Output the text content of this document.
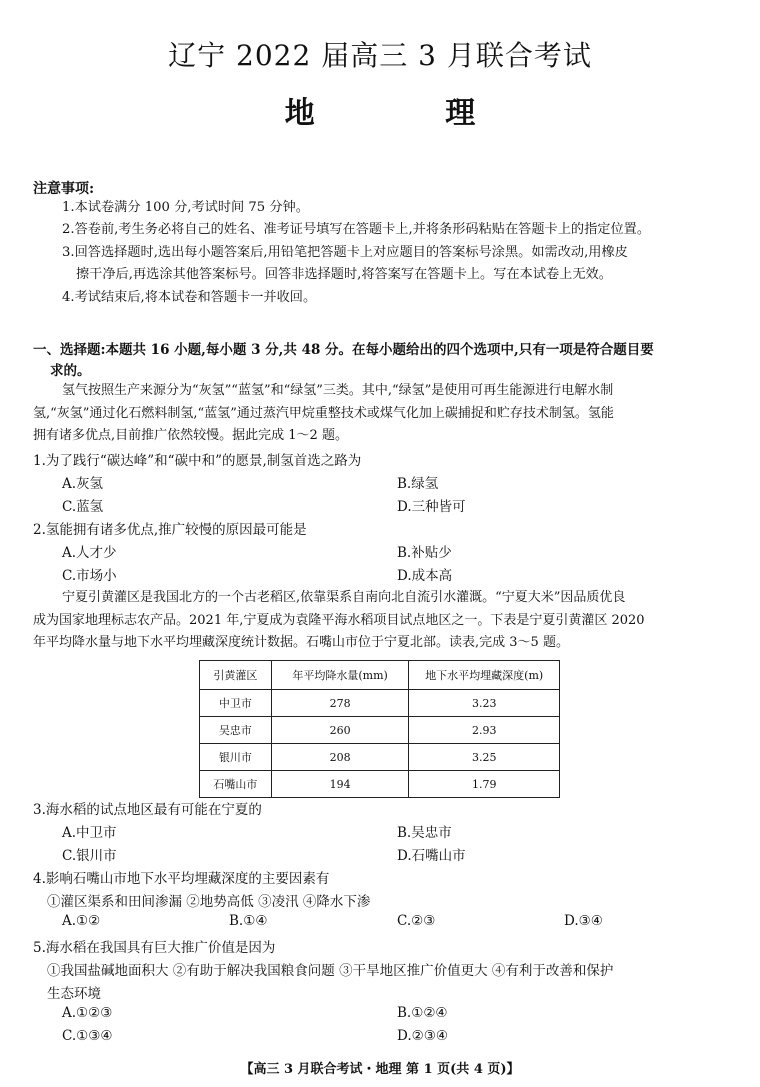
辽宁 2022 届高三 3 月联合考试
地 理
注意事项:
1.本试卷满分 100 分,考试时间 75 分钟。
2.答卷前,考生务必将自己的姓名、准考证号填写在答题卡上,并将条形码粘贴在答题卡上的指定位置。
3.回答选择题时,选出每小题答案后,用铅笔把答题卡上对应题目的答案标号涂黑。如需改动,用橡皮
擦干净后,再选涂其他答案标号。回答非选择题时,将答案写在答题卡上。写在本试卷上无效。
4.考试结束后,将本试卷和答题卡一并收回。
一、选择题:本题共 16 小题,每小题 3 分,共 48 分。在每小题给出的四个选项中,只有一项是符合题目要
求的。
氢气按照生产来源分为“灰氢”“蓝氢”和“绿氢”三类。其中,“绿氢”是使用可再生能源进行电解水制
氢,“灰氢”通过化石燃料制氢,“蓝氢”通过蒸汽甲烷重整技术或煤气化加上碳捕捉和贮存技术制氢。氢能
拥有诸多优点,目前推广依然较慢。据此完成 1～2 题。
1.为了践行“碳达峰”和“碳中和”的愿景,制氢首选之路为
A.灰氢	B.绿氢
C.蓝氢	D.三种皆可
2.氢能拥有诸多优点,推广较慢的原因最可能是
A.人才少	B.补贴少
C.市场小	D.成本高
宁夏引黄灌区是我国北方的一个古老稻区,依靠渠系自南向北自流引水灌溉。“宁夏大米”因品质优良
成为国家地理标志农产品。2021 年,宁夏成为袁隆平海水稻项目试点地区之一。下表是宁夏引黄灌区 2020
年平均降水量与地下水平均埋藏深度统计数据。石嘴山市位于宁夏北部。读表,完成 3～5 题。
引黄灌区	年平均降水量(mm)	地下水平均埋藏深度(m)
中卫市	278	3.23
吴忠市	260	2.93
银川市	208	3.25
石嘴山市	194	1.79
3.海水稻的试点地区最有可能在宁夏的
A.中卫市	B.吴忠市
C.银川市	D.石嘴山市
4.影响石嘴山市地下水平均埋藏深度的主要因素有
①灌区渠系和田间渗漏 ②地势高低 ③凌汛 ④降水下渗
A.①②	B.①④	C.②③	D.③④
5.海水稻在我国具有巨大推广价值是因为
①我国盐碱地面积大 ②有助于解决我国粮食问题 ③干旱地区推广价值更大 ④有利于改善和保护
生态环境
A.①②③	B.①②④
C.①③④	D.②③④
【高三 3 月联合考试・地理 第 1 页(共 4 页)】
